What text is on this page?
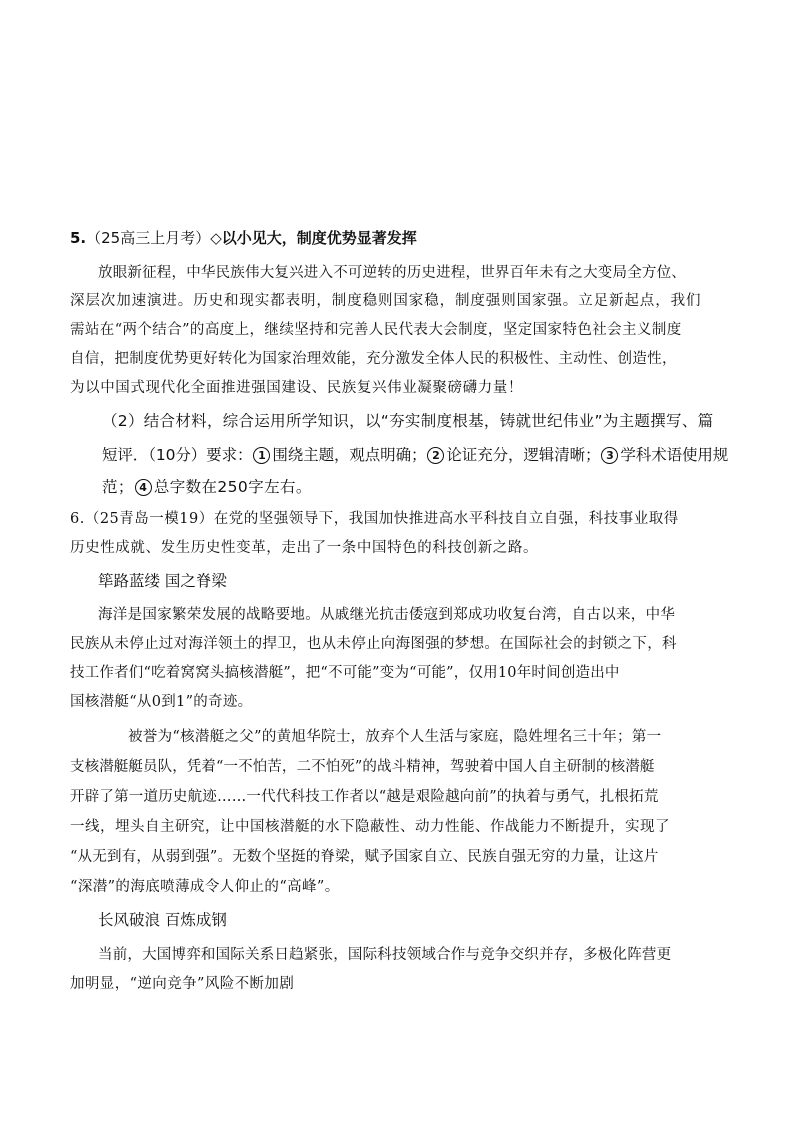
5.（25高三上月考）◇以小见大，制度优势显著发挥
放眼新征程，中华民族伟大复兴进入不可逆转的历史进程，世界百年未有之大变局全方位、
深层次加速演进。历史和现实都表明，制度稳则国家稳，制度强则国家强。立足新起点，我们
需站在“两个结合”的高度上，继续坚持和完善人民代表大会制度，坚定国家特色社会主义制度
自信，把制度优势更好转化为国家治理效能，充分激发全体人民的积极性、主动性、创造性，
为以中国式现代化全面推进强国建设、民族复兴伟业凝聚磅礴力量！
（2）结合材料，综合运用所学知识，以“夯实制度根基，铸就世纪伟业”为主题撰写、篇
短评．（10分）要求： 1 围绕主题，观点明确； 2 论证充分，逻辑清晰； 3 学科术语使用规
范； 4 总字数在250字左右。
6.（25青岛一模19）在党的坚强领导下，我国加快推进高水平科技自立自强，科技事业取得
历史性成就、发生历史性变革，走出了一条中国特色的科技创新之路。
筚路蓝缕 国之脊梁
海洋是国家繁荣发展的战略要地。从戚继光抗击倭寇到郑成功收复台湾，自古以来，中华
民族从未停止过对海洋领土的捍卫，也从未停止向海图强的梦想。在国际社会的封锁之下，科
技工作者们“吃着窝窝头搞核潜艇”，把“不可能”变为“可能”，仅用10年时间创造出中
国核潜艇“从0到1”的奇迹。
被誉为“核潜艇之父”的黄旭华院士，放弃个人生活与家庭，隐姓埋名三十年；第一
支核潜艇艇员队，凭着“一不怕苦，二不怕死”的战斗精神，驾驶着中国人自主研制的核潜艇
开辟了第一道历史航迹……一代代科技工作者以“越是艰险越向前”的执着与勇气，扎根拓荒
一线，埋头自主研究，让中国核潜艇的水下隐蔽性、动力性能、作战能力不断提升，实现了
“从无到有，从弱到强”。无数个坚挺的脊梁，赋予国家自立、民族自强无穷的力量，让这片
“深潜”的海底喷薄成令人仰止的“高峰”。
长风破浪 百炼成钢
当前，大国博弈和国际关系日趋紧张，国际科技领域合作与竞争交织并存，多极化阵营更
加明显，“逆向竞争”风险不断加剧
